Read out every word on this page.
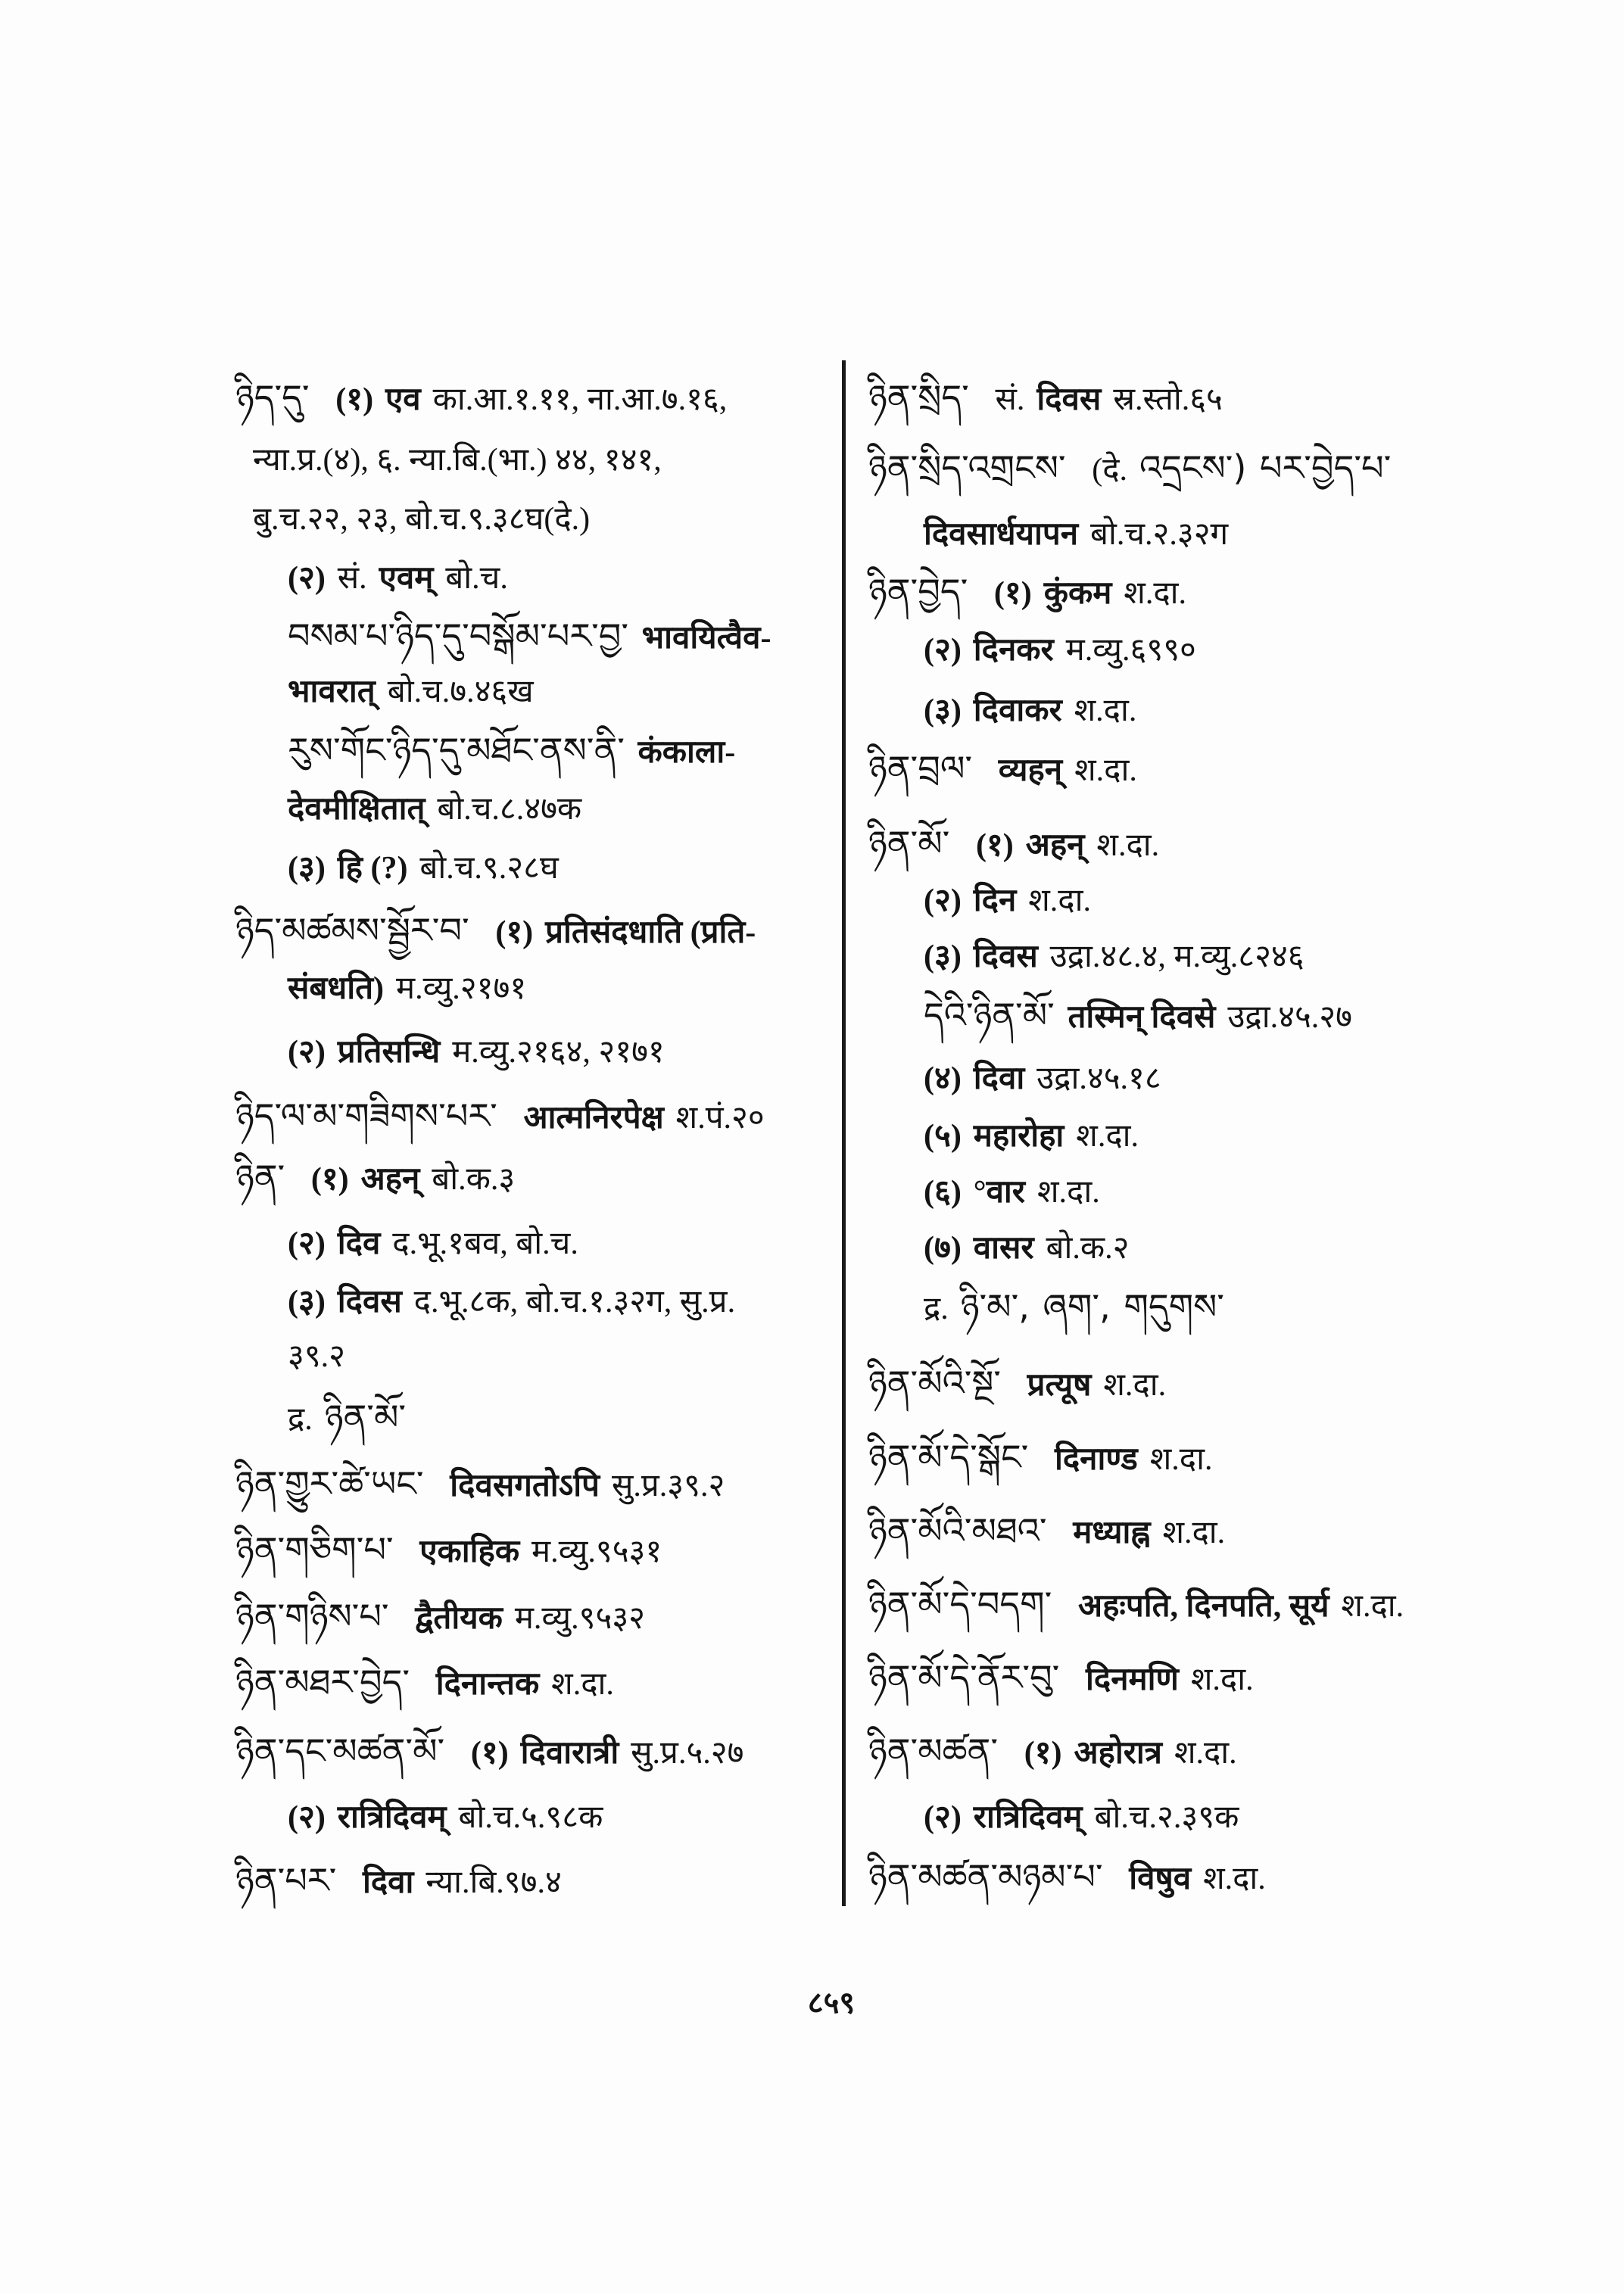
ཉིད་དུ་ (१) एव का.आ.१.११, ना.आ.७.१६,
न्या.प्र.(४), ६. न्या.बि.(भा.) ४४, १४१,
बु.च.२२, २३, बो.च.९.३८घ(दे.)
(२) सं. एवम् बो.च.
བསམ་པ་ཉིད་དུ་བསྒོམ་པར་བྱ་ भावयित्वैव-
भावरात् बो.च.७.४६ख
རུས་གོང་ཉིད་དུ་མཐོང་ནས་ནི་ कंकाला-
देवमीक्षितात् बो.च.८.४७क
(३) हि (?) बो.च.९.२८घ
ཉིད་མཚམས་སྦྱོར་བ་ (१) प्रतिसंदधाति (प्रति-
संबधति) म.व्यु.२१७१
(२) प्रतिसन्धि म.व्यु.२१६४, २१७१
ཉིད་ལ་མ་གཟིགས་པར་ आत्मनिरपेक्ष श.पं.२०
ཉིན་ (१) अहन् बो.क.३
(२) दिव द.भू.१बव, बो.च.
(३) दिवस द.भू.८क, बो.च.१.३२ग, सु.प्र.
३९.२
द्र. ཉིན་མོ་
ཉིན་གྱུར་ཚེ་ཡང་ दिवसगतोऽपि सु.प्र.३९.२
ཉིན་གཅིག་པ་ एकाहिक म.व्यु.९५३१
ཉིན་གཉིས་པ་ द्वैतीयक म.व्यु.९५३२
ཉིན་མཐར་བྱེད་ दिनान्तक श.दा.
ཉིན་དང་མཚན་མོ་ (१) दिवारात्री सु.प्र.५.२७
(२) रात्रिदिवम् बो.च.५.९८क
ཉིན་པར་ दिवा न्या.बि.९७.४
ཉིན་སྲིད་ सं. दिवस स्र.स्तो.६५
ཉིན་སྲིད་འགྲངས་ (दे. འདྲངས་) པར་བྱེད་པ་
दिवसार्धयापन बो.च.२.३२ग
ཉིན་བྱེད་ (१) कुंकम श.दा.
(२) दिनकर म.व्यु.६९९०
(३) दिवाकर श.दा.
ཉིན་བྲལ་ व्यहन् श.दा.
ཉིན་མོ་ (१) अहन् श.दा.
(२) दिन श.दा.
(३) दिवस उद्रा.४८.४, म.व्यु.८२४६
དེའི་ཉིན་མོ་ तस्मिन् दिवसे उद्रा.४५.२७
(४) दिवा उद्रा.४५.१८
(५) महारोहा श.दा.
(६) °वार श.दा.
(७) वासर बो.क.२
द्र. ཉི་མ་, ཞག་, གདུགས་
ཉིན་མོའི་སྔོ་ प्रत्यूष श.दा.
ཉིན་མོ་དེ་སྒོང་ दिनाण्ड श.दा.
ཉིན་མོའི་མཐའ་ मध्याह्न श.दा.
ཉིན་མོ་དེ་བདག་ अहःपति, दिनपति, सूर्य श.दा.
ཉིན་མོ་དེ་ནོར་བུ་ दिनमणि श.दा.
ཉིན་མཚན་ (१) अहोरात्र श.दा.
(२) रात्रिदिवम् बो.च.२.३९क
ཉིན་མཚན་མཉམ་པ་ विषुव श.दा.
८५९
